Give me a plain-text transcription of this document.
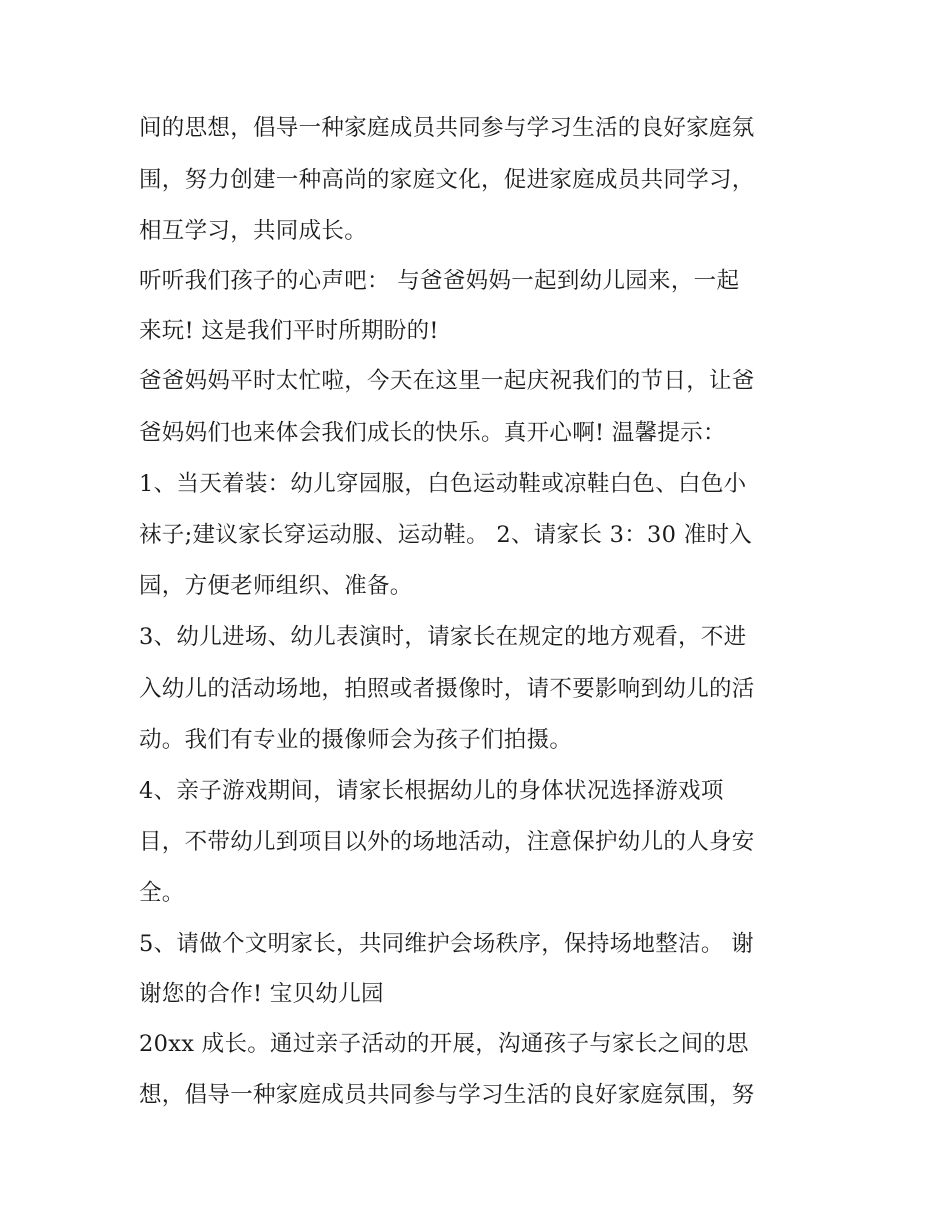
间的思想，倡导一种家庭成员共同参与学习生活的良好家庭氛
围，努力创建一种高尚的家庭文化，促进家庭成员共同学习，
相互学习，共同成长。
听听我们孩子的心声吧： 与爸爸妈妈一起到幼儿园来，一起
来玩! 这是我们平时所期盼的!
爸爸妈妈平时太忙啦，今天在这里一起庆祝我们的节日，让爸
爸妈妈们也来体会我们成长的快乐。真开心啊! 温馨提示：
1、当天着装：幼儿穿园服，白色运动鞋或凉鞋白色、白色小
袜子;建议家长穿运动服、运动鞋。 2、请家长 3：30 准时入
园，方便老师组织、准备。
3、幼儿进场、幼儿表演时，请家长在规定的地方观看，不进
入幼儿的活动场地，拍照或者摄像时，请不要影响到幼儿的活
动。我们有专业的摄像师会为孩子们拍摄。
4、亲子游戏期间，请家长根据幼儿的身体状况选择游戏项
目，不带幼儿到项目以外的场地活动，注意保护幼儿的人身安
全。
5、请做个文明家长，共同维护会场秩序，保持场地整洁。 谢
谢您的合作! 宝贝幼儿园
20xx 成长。通过亲子活动的开展，沟通孩子与家长之间的思
想，倡导一种家庭成员共同参与学习生活的良好家庭氛围，努
